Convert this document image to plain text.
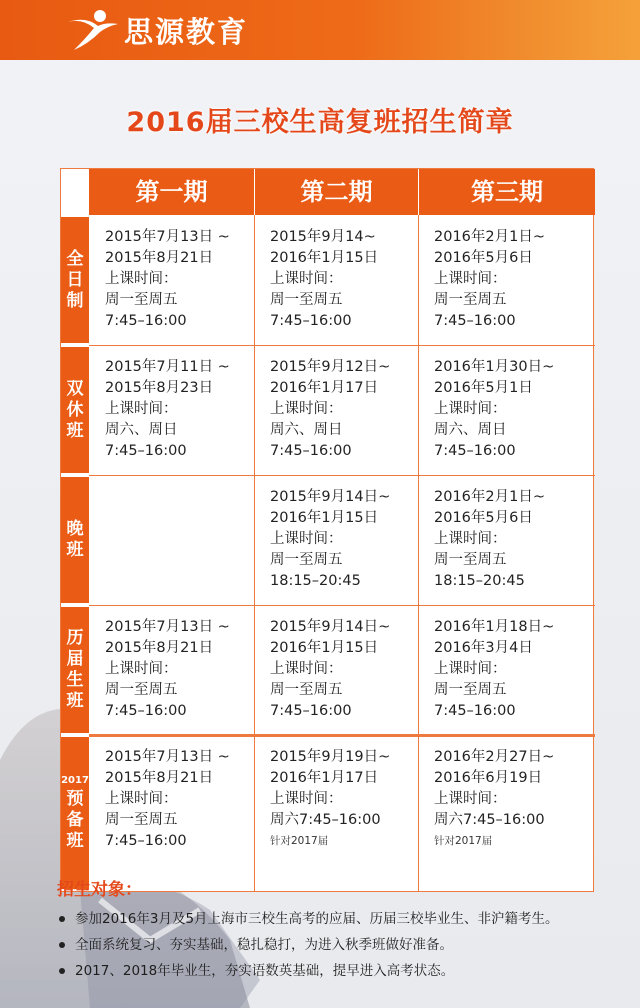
思源教育
2016届三校生高复班招生简章
第一期	第二期	第三期
全
日
制
2015年7月13日 ~
2015年8月21日
上课时间：
周一至周五
7:45–16:00
2015年9月14~
2016年1月15日
上课时间：
周一至周五
7:45–16:00
2016年2月1日~
2016年5月6日
上课时间：
周一至周五
7:45–16:00
双
休
班
2015年7月11日 ~
2015年8月23日
上课时间：
周六、周日
7:45–16:00
2015年9月12日~
2016年1月17日
上课时间：
周六、周日
7:45–16:00
2016年1月30日~
2016年5月1日
上课时间：
周六、周日
7:45–16:00
晚
班
2015年9月14日~
2016年1月15日
上课时间：
周一至周五
18:15–20:45
2016年2月1日~
2016年5月6日
上课时间：
周一至周五
18:15–20:45
历
届
生
班
2015年7月13日 ~
2015年8月21日
上课时间：
周一至周五
7:45–16:00
2015年9月14日~
2016年1月15日
上课时间：
周一至周五
7:45–16:00
2016年1月18日~
2016年3月4日
上课时间：
周一至周五
7:45–16:00
2017
预
备
班
2015年7月13日 ~
2015年8月21日
上课时间：
周一至周五
7:45–16:00
2015年9月19日~
2016年1月17日
上课时间：
周六7:45–16:00
针对2017届
2016年2月27日~
2016年6月19日
上课时间：
周六7:45–16:00
针对2017届
招生对象：
参加2016年3月及5月上海市三校生高考的应届、历届三校毕业生、非沪籍考生。
全面系统复习、夯实基础，稳扎稳打，为进入秋季班做好准备。
2017、2018年毕业生，夯实语数英基础，提早进入高考状态。
